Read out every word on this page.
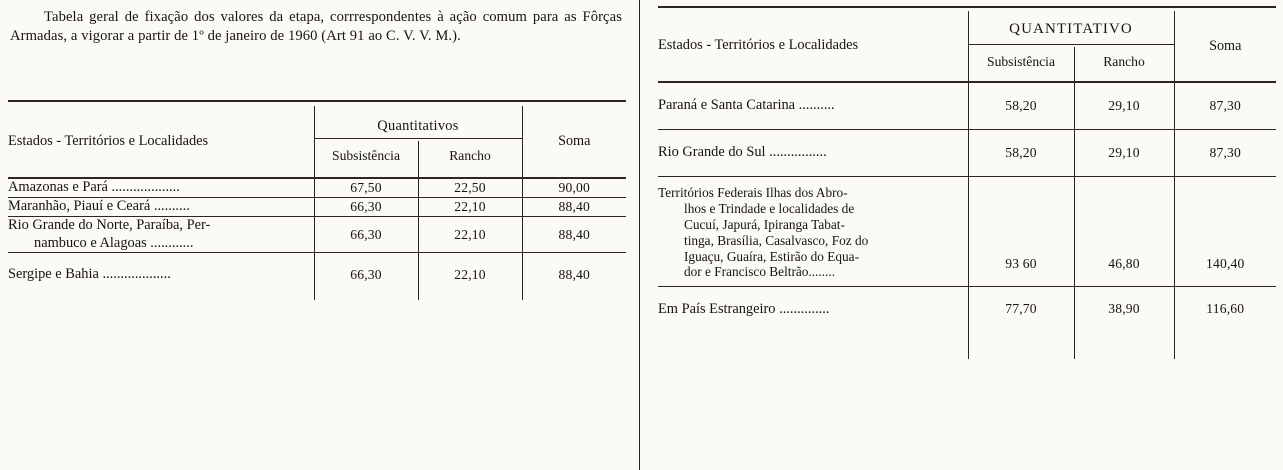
Tabela geral de fixação dos valores da etapa, corrrespondentes à ação comum para as Fôrças Armadas, a vigorar a partir de 1º de janeiro de 1960 (Art 91 ao C. V. V. M.).

Estados - Territórios e Localidades	Quantitativos		Soma

	Subsistência	Rancho	
Amazonas e Pará ...................	67,50	22,50	90,00
Maranhão, Piauí e Ceará ..........	66,30	22,10	88,40

Rio Grande do Norte, Paraíba, Per-
nambuco e Alagoas ............	66,30	22,10	88,40
Sergipe e Bahia ...................	66,30	22,10	88,40

Estados - Territórios e Localidades	QUANTITATIVO		Soma

	Subsistência	Rancho	
Paraná e Santa Catarina ..........	58,20	29,10	87,30
Rio Grande do Sul ................	58,20	29,10	87,30

Territórios Federais Ilhas dos Abro-
lhos e Trindade e localidades de
Cucuí, Japurá, Ipiranga Tabat-
tinga, Brasília, Casalvasco, Foz do
Iguaçu, Guaíra, Estirão do Equa-
dor e Francisco Beltrão........
	93 60	46,80	140,40
Em País Estrangeiro ..............	77,70	38,90	116,60
